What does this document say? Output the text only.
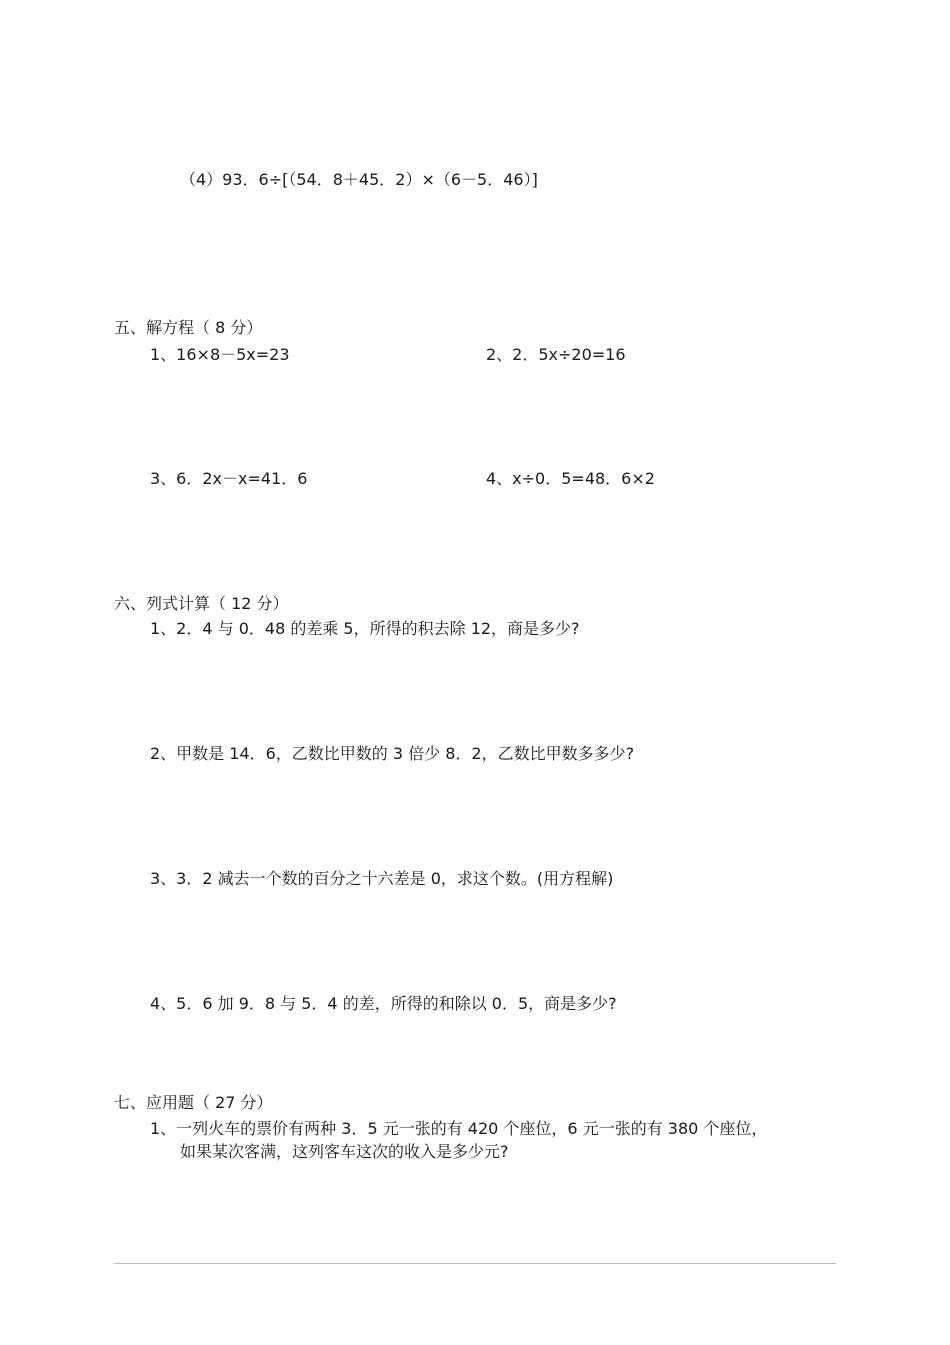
（4）93．6÷[（54．8＋45．2）×（6－5．46）]
五、解方程（ 8 分）
1、16×8－5x=23	2、2．5x÷20=16
3、6．2x－x=41．6	4、x÷0．5=48．6×2
六、列式计算（ 12 分）
1、2．4 与 0．48 的差乘 5，所得的积去除 12，商是多少?
2、甲数是 14．6，乙数比甲数的 3 倍少 8．2，乙数比甲数多多少?
3、3．2 减去一个数的百分之十六差是 0，求这个数。(用方程解)
4、5．6 加 9．8 与 5．4 的差，所得的和除以 0．5，商是多少?
七、应用题（ 27 分）
1、一列火车的票价有两种 3．5 元一张的有 420 个座位，6 元一张的有 380 个座位，
如果某次客满，这列客车这次的收入是多少元?
